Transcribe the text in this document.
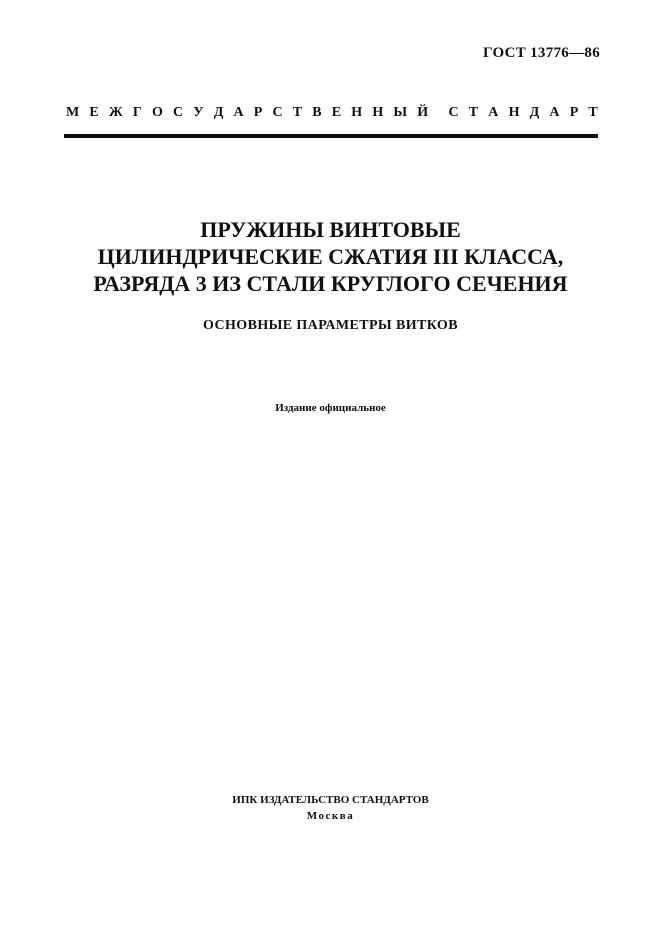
ГОСТ 13776—86
М Е Ж Г О С У Д А Р С Т В Е Н Н Ы Й С Т А Н Д А Р Т
ПРУЖИНЫ ВИНТОВЫЕ
ЦИЛИНДРИЧЕСКИЕ СЖАТИЯ III КЛАССА,
РАЗРЯДА 3 ИЗ СТАЛИ КРУГЛОГО СЕЧЕНИЯ
ОСНОВНЫЕ ПАРАМЕТРЫ ВИТКОВ
Издание официальное
ИПК ИЗДАТЕЛЬСТВО СТАНДАРТОВ
Москва
